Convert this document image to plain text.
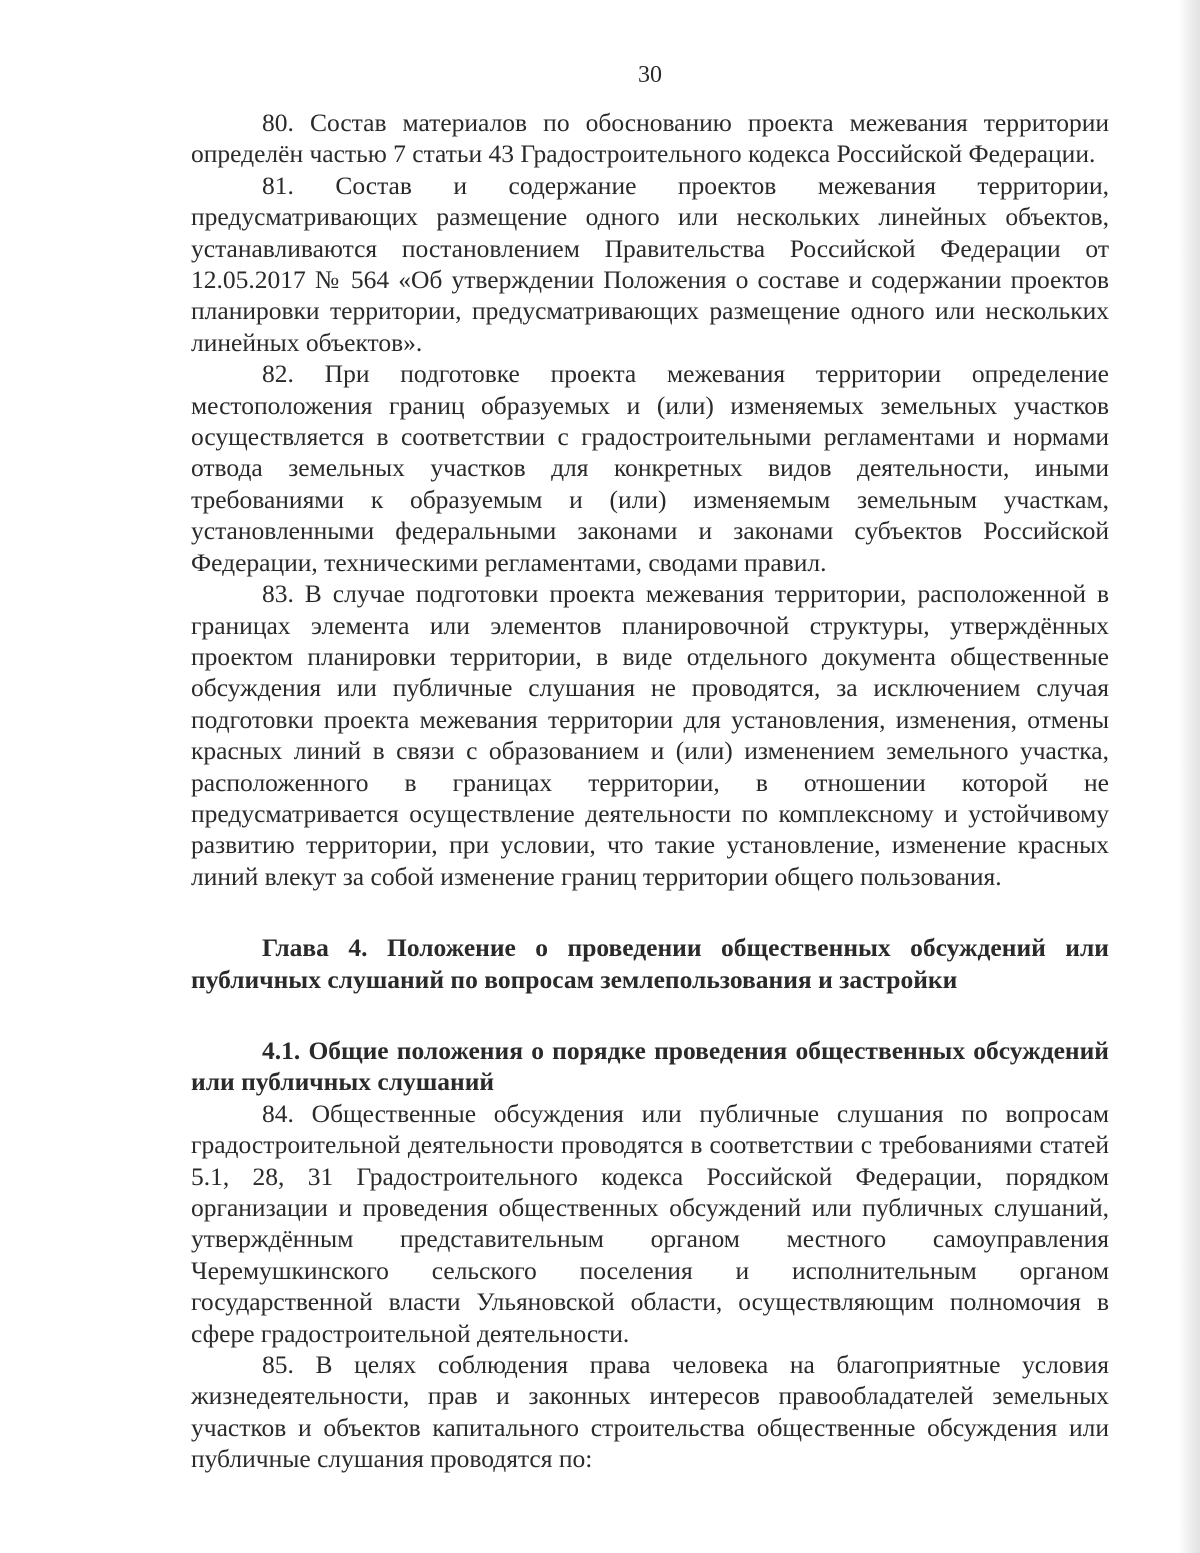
30

80. Состав материалов по обоснованию проекта межевания территории определён частью 7 статьи 43 Градостроительного кодекса Российской Федерации.

81. Состав и содержание проектов межевания территории, предусматривающих размещение одного или нескольких линейных объектов, устанавливаются постановлением Правительства Российской Федерации от 12.05.2017 № 564 «Об утверждении Положения о составе и содержании проектов планировки территории, предусматривающих размещение одного или нескольких линейных объектов».

82. При подготовке проекта межевания территории определение местоположения границ образуемых и (или) изменяемых земельных участков осуществляется в соответствии с градостроительными регламентами и нормами отвода земельных участков для конкретных видов деятельности, иными требованиями к образуемым и (или) изменяемым земельным участкам, установленными федеральными законами и законами субъектов Российской Федерации, техническими регламентами, сводами правил.

83. В случае подготовки проекта межевания территории, расположенной в границах элемента или элементов планировочной структуры, утверждённых проектом планировки территории, в виде отдельного документа общественные обсуждения или публичные слушания не проводятся, за исключением случая подготовки проекта межевания территории для установления, изменения, отмены красных линий в связи с образованием и (или) изменением земельного участка, расположенного в границах территории, в отношении которой не предусматривается осуществление деятельности по комплексному и устойчивому развитию территории, при условии, что такие установление, изменение красных линий влекут за собой изменение границ территории общего пользования.

Глава 4. Положение о проведении общественных обсуждений или публичных слушаний по вопросам землепользования и застройки

4.1. Общие положения о порядке проведения общественных обсуждений или публичных слушаний

84. Общественные обсуждения или публичные слушания по вопросам градостроительной деятельности проводятся в соответствии с требованиями статей 5.1, 28, 31 Градостроительного кодекса Российской Федерации, порядком организации и проведения общественных обсуждений или публичных слушаний, утверждённым представительным органом местного самоуправления Черемушкинского сельского поселения и исполнительным органом государственной власти Ульяновской области, осуществляющим полномочия в сфере градостроительной деятельности.

85. В целях соблюдения права человека на благоприятные условия жизнедеятельности, прав и законных интересов правообладателей земельных участков и объектов капитального строительства общественные обсуждения или публичные слушания проводятся по:
